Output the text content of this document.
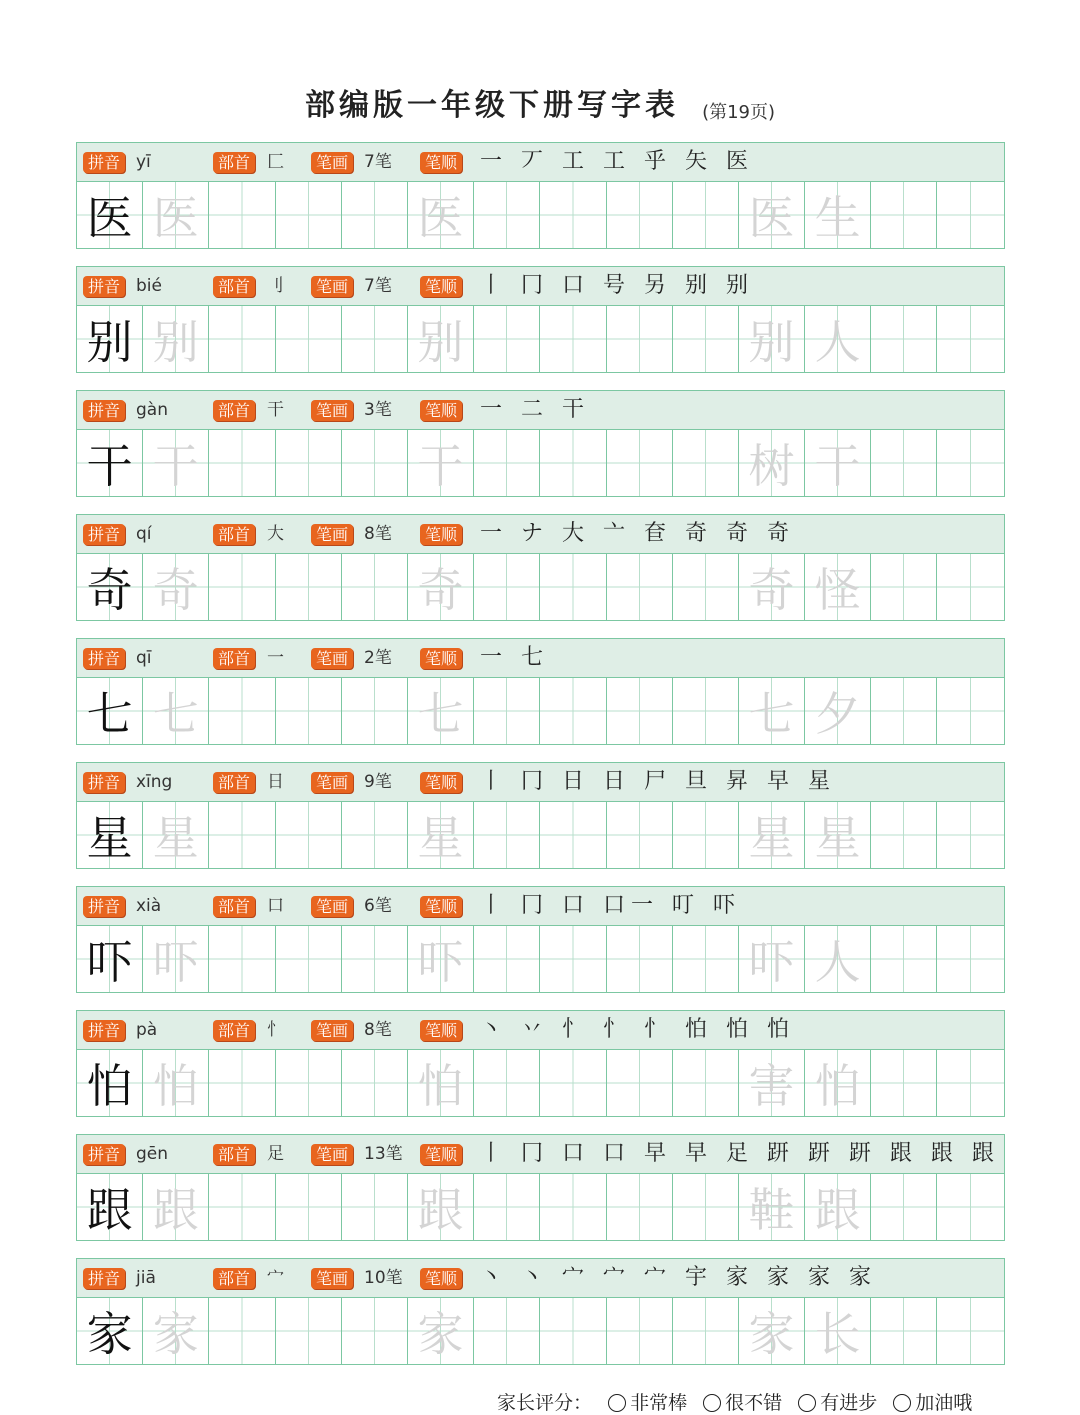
部编版一年级下册写字表 (第19页)
拼音	部首	笔画	笔顺
yī	匚	7笔	一 丆 工 工 乎 矢 医
医 医	医	医 生
拼音	部首	笔画	笔顺
bié	刂	7笔	丨 冂 口 号 另 别 别
别 别	别	别 人
拼音	部首	笔画	笔顺
gàn	干	3笔	一 二 干
干 干	干	树 干
拼音	部首	笔画	笔顺
qí	大	8笔	一 ナ 大 亠 奆 奇 奇 奇
奇 奇	奇	奇 怪
拼音	部首	笔画	笔顺
qī	一	2笔	一 七
七 七	七	七 夕
拼音	部首	笔画	笔顺
xīng	日	9笔	丨 冂 日 日 尸 旦 昇 早 星
星 星	星	星 星
拼音	部首	笔画	笔顺
xià	口	6笔	丨 冂 口 口一 叮 吓
吓 吓	吓	吓 人
拼音	部首	笔画	笔顺
pà	忄	8笔	丶 丷 忄 忄 忄 怕 怕 怕
怕 怕	怕	害 怕
拼音	部首	笔画	笔顺
gēn	足	13笔	丨 冂 口 口 早 早 足 趼 趼 趼 跟 跟 跟
跟 跟	跟	鞋 跟
拼音	部首	笔画	笔顺
jiā	宀	10笔	丶 丶 宀 宀 宀 宇 家 家 家 家
家 家	家	家 长
家长评分： 非常棒 很不错 有进步 加油哦
